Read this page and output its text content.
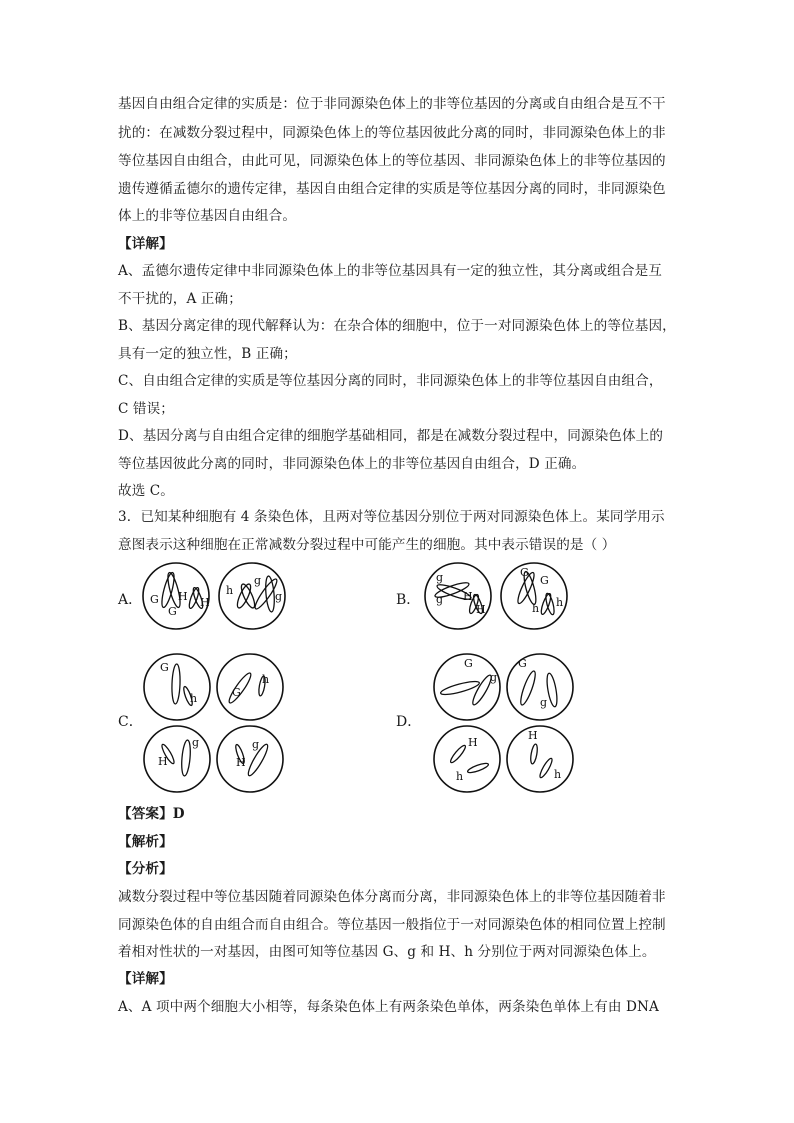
基因自由组合定律的实质是：位于非同源染色体上的非等位基因的分离或自由组合是互不干
扰的：在减数分裂过程中，同源染色体上的等位基因彼此分离的同时，非同源染色体上的非
等位基因自由组合，由此可见，同源染色体上的等位基因、非同源染色体上的非等位基因的
遗传遵循孟德尔的遗传定律，基因自由组合定律的实质是等位基因分离的同时，非同源染色
体上的非等位基因自由组合。
【详解】
A、孟德尔遗传定律中非同源染色体上的非等位基因具有一定的独立性，其分离或组合是互
不干扰的，A 正确；
B、基因分离定律的现代解释认为：在杂合体的细胞中，位于一对同源染色体上的等位基因，
具有一定的独立性，B 正确；
C、自由组合定律的实质是等位基因分离的同时，非同源染色体上的非等位基因自由组合，
C 错误；
D、基因分离与自由组合定律的细胞学基础相同，都是在减数分裂过程中，同源染色体上的
等位基因彼此分离的同时，非同源染色体上的非等位基因自由组合，D 正确。
故选 C。
3．已知某种细胞有 4 条染色体，且两对等位基因分别位于两对同源染色体上。某同学用示
意图表示这种细胞在正常减数分裂过程中可能产生的细胞。其中表示错误的是（ ）
A． G H
G
H
g
h	g	B．
g
g H
H
G
G
h h
C．
G
h	G
h
g
H
g
H
D．
G	G
g
g
H
h
H
h
【答案】D
【解析】
【分析】
减数分裂过程中等位基因随着同源染色体分离而分离，非同源染色体上的非等位基因随着非
同源染色体的自由组合而自由组合。等位基因一般指位于一对同源染色体的相同位置上控制
着相对性状的一对基因，由图可知等位基因 G、g 和 H、h 分别位于两对同源染色体上。
【详解】
A、A 项中两个细胞大小相等，每条染色体上有两条染色单体，两条染色单体上有由 DNA
